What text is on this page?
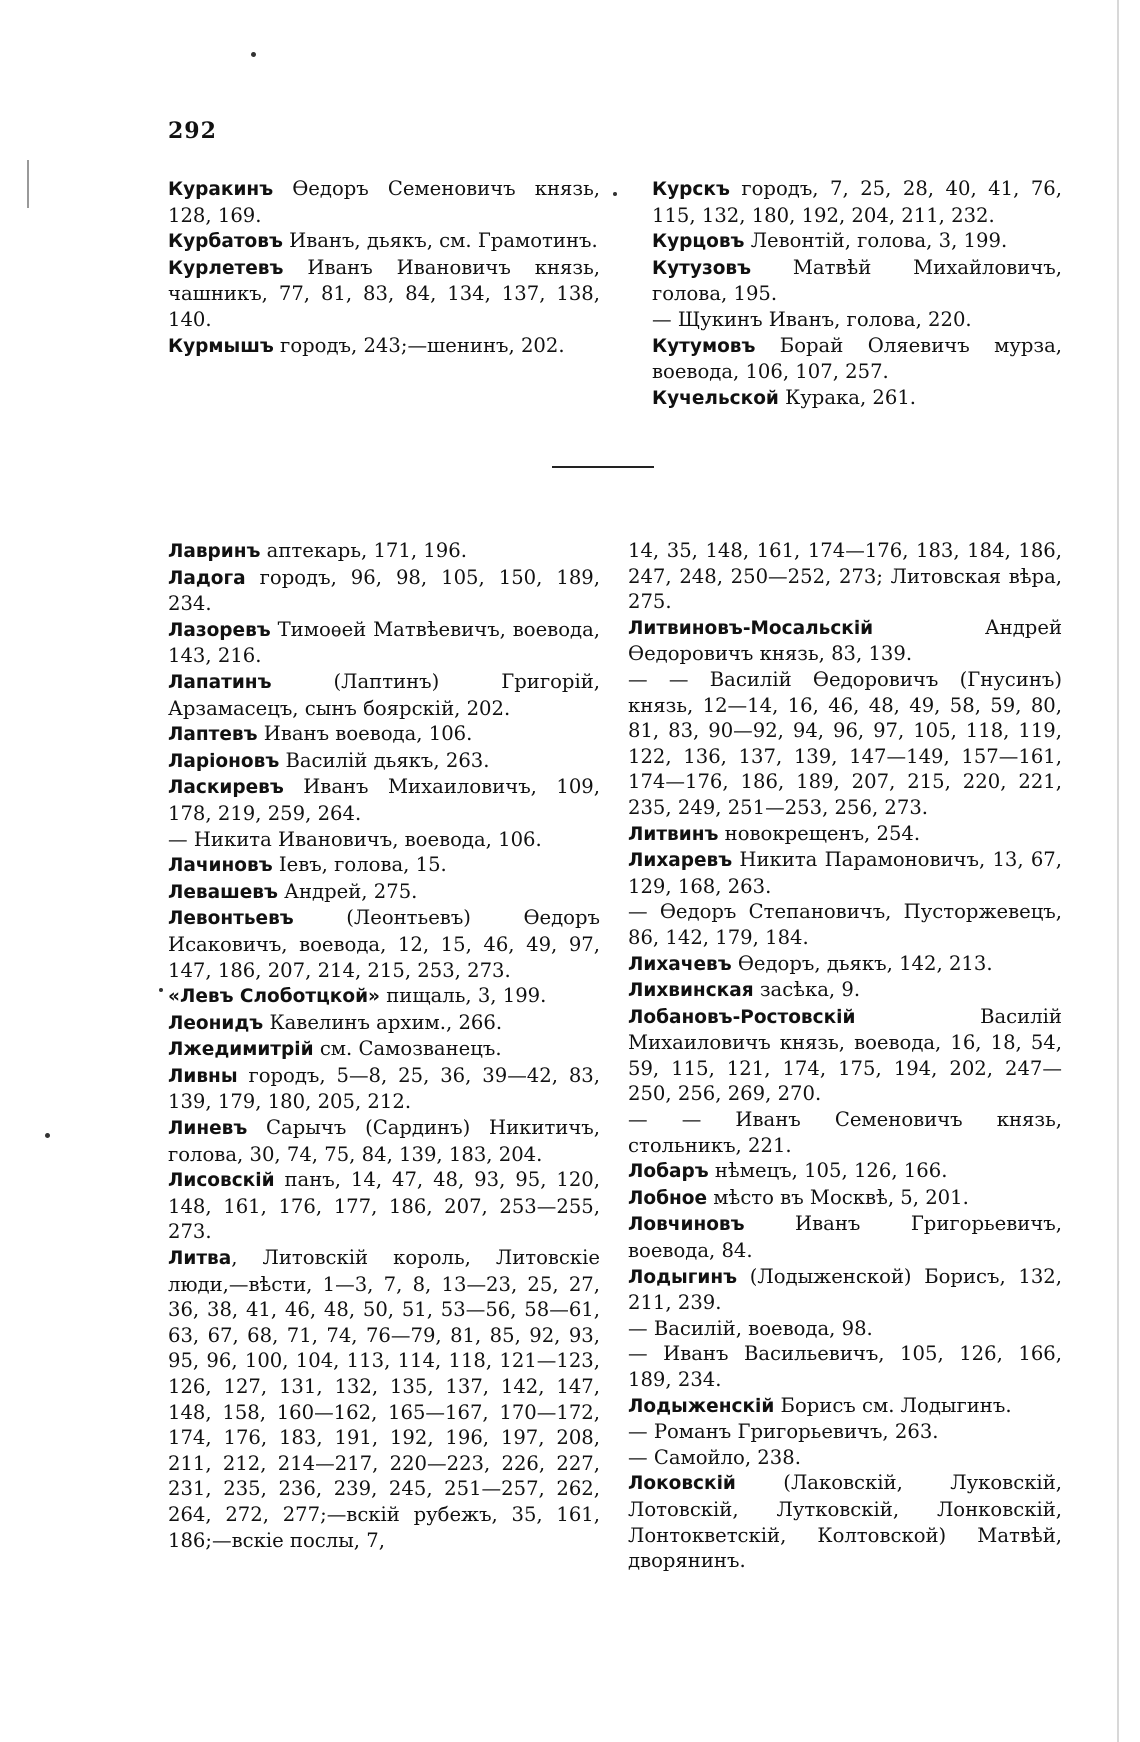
292

Куракинъ Ѳедоръ Семеновичъ князь, 128, 169.

Курбатовъ Иванъ, дьякъ, см. Грамотинъ.

Курлетевъ Иванъ Ивановичъ князь, чашникъ, 77, 81, 83, 84, 134, 137, 138, 140.

Курмышъ городъ, 243;—шенинъ, 202.

Курскъ городъ, 7, 25, 28, 40, 41, 76, 115, 132, 180, 192, 204, 211, 232.

Курцовъ Левонтій, голова, 3, 199.

Кутузовъ Матвѣй Михайловичъ, голова, 195.

— Щукинъ Иванъ, голова, 220.

Кутумовъ Борай Оляевичъ мурза, воевода, 106, 107, 257.

Кучельской Курака, 261.

Лавринъ аптекарь, 171, 196.

Ладога городъ, 96, 98, 105, 150, 189, 234.

Лазоревъ Тимоѳей Матвѣевичъ, воевода, 143, 216.

Лапатинъ (Лаптинъ) Григорій, Арзамасецъ, сынъ боярскій, 202.

Лаптевъ Иванъ воевода, 106.

Ларіоновъ Василій дьякъ, 263.

Ласкиревъ Иванъ Михаиловичъ, 109, 178, 219, 259, 264.

— Никита Ивановичъ, воевода, 106.

Лачиновъ Іевъ, голова, 15.

Левашевъ Андрей, 275.

Левонтьевъ (Леонтьевъ) Ѳедоръ Исаковичъ, воевода, 12, 15, 46, 49, 97, 147, 186, 207, 214, 215, 253, 273.

«Левъ Слоботцкой» пищаль, 3, 199.

Леонидъ Кавелинъ архим., 266.

Лжедимитрій см. Самозванецъ.

Ливны городъ, 5—8, 25, 36, 39—42, 83, 139, 179, 180, 205, 212.

Линевъ Сарычъ (Сардинъ) Никитичъ, голова, 30, 74, 75, 84, 139, 183, 204.

Лисовскій панъ, 14, 47, 48, 93, 95, 120, 148, 161, 176, 177, 186, 207, 253—255, 273.

Литва, Литовскій король, Литовскіе люди,—вѣсти, 1—3, 7, 8, 13—23, 25, 27, 36, 38, 41, 46, 48, 50, 51, 53—56, 58—61, 63, 67, 68, 71, 74, 76—79, 81, 85, 92, 93, 95, 96, 100, 104, 113, 114, 118, 121—123, 126, 127, 131, 132, 135, 137, 142, 147, 148, 158, 160—162, 165—167, 170—172, 174, 176, 183, 191, 192, 196, 197, 208, 211, 212, 214—217, 220—223, 226, 227, 231, 235, 236, 239, 245, 251—257, 262, 264, 272, 277;—вскій рубежъ, 35, 161, 186;—вскіе послы, 7,

14, 35, 148, 161, 174—176, 183, 184, 186, 247, 248, 250—252, 273; Литовская вѣра, 275.

Литвиновъ-Мосальскій Андрей Ѳедоровичъ князь, 83, 139.

— — Василій Ѳедоровичъ (Гнусинъ) князь, 12—14, 16, 46, 48, 49, 58, 59, 80, 81, 83, 90—92, 94, 96, 97, 105, 118, 119, 122, 136, 137, 139, 147—149, 157—161, 174—176, 186, 189, 207, 215, 220, 221, 235, 249, 251—253, 256, 273.

Литвинъ новокрещенъ, 254.

Лихаревъ Никита Парамоновичъ, 13, 67, 129, 168, 263.

— Ѳедоръ Степановичъ, Пусторжевецъ, 86, 142, 179, 184.

Лихачевъ Ѳедоръ, дьякъ, 142, 213.

Лихвинская засѣка, 9.

Лобановъ-Ростовскій Василій Михаиловичъ князь, воевода, 16, 18, 54, 59, 115, 121, 174, 175, 194, 202, 247—250, 256, 269, 270.

— — Иванъ Семеновичъ князь, стольникъ, 221.

Лобаръ нѣмецъ, 105, 126, 166.

Лобное мѣсто въ Москвѣ, 5, 201.

Ловчиновъ Иванъ Григорьевичъ, воевода, 84.

Лодыгинъ (Лодыженской) Борисъ, 132, 211, 239.

— Василій, воевода, 98.

— Иванъ Васильевичъ, 105, 126, 166, 189, 234.

Лодыженскій Борисъ см. Лодыгинъ.

— Романъ Григорьевичъ, 263.

— Самойло, 238.

Локовскій (Лаковскій, Луковскій, Лотовскій, Лутковскій, Лонковскій, Лонтокветскій, Колтовской) Матвѣй, дворянинъ.
